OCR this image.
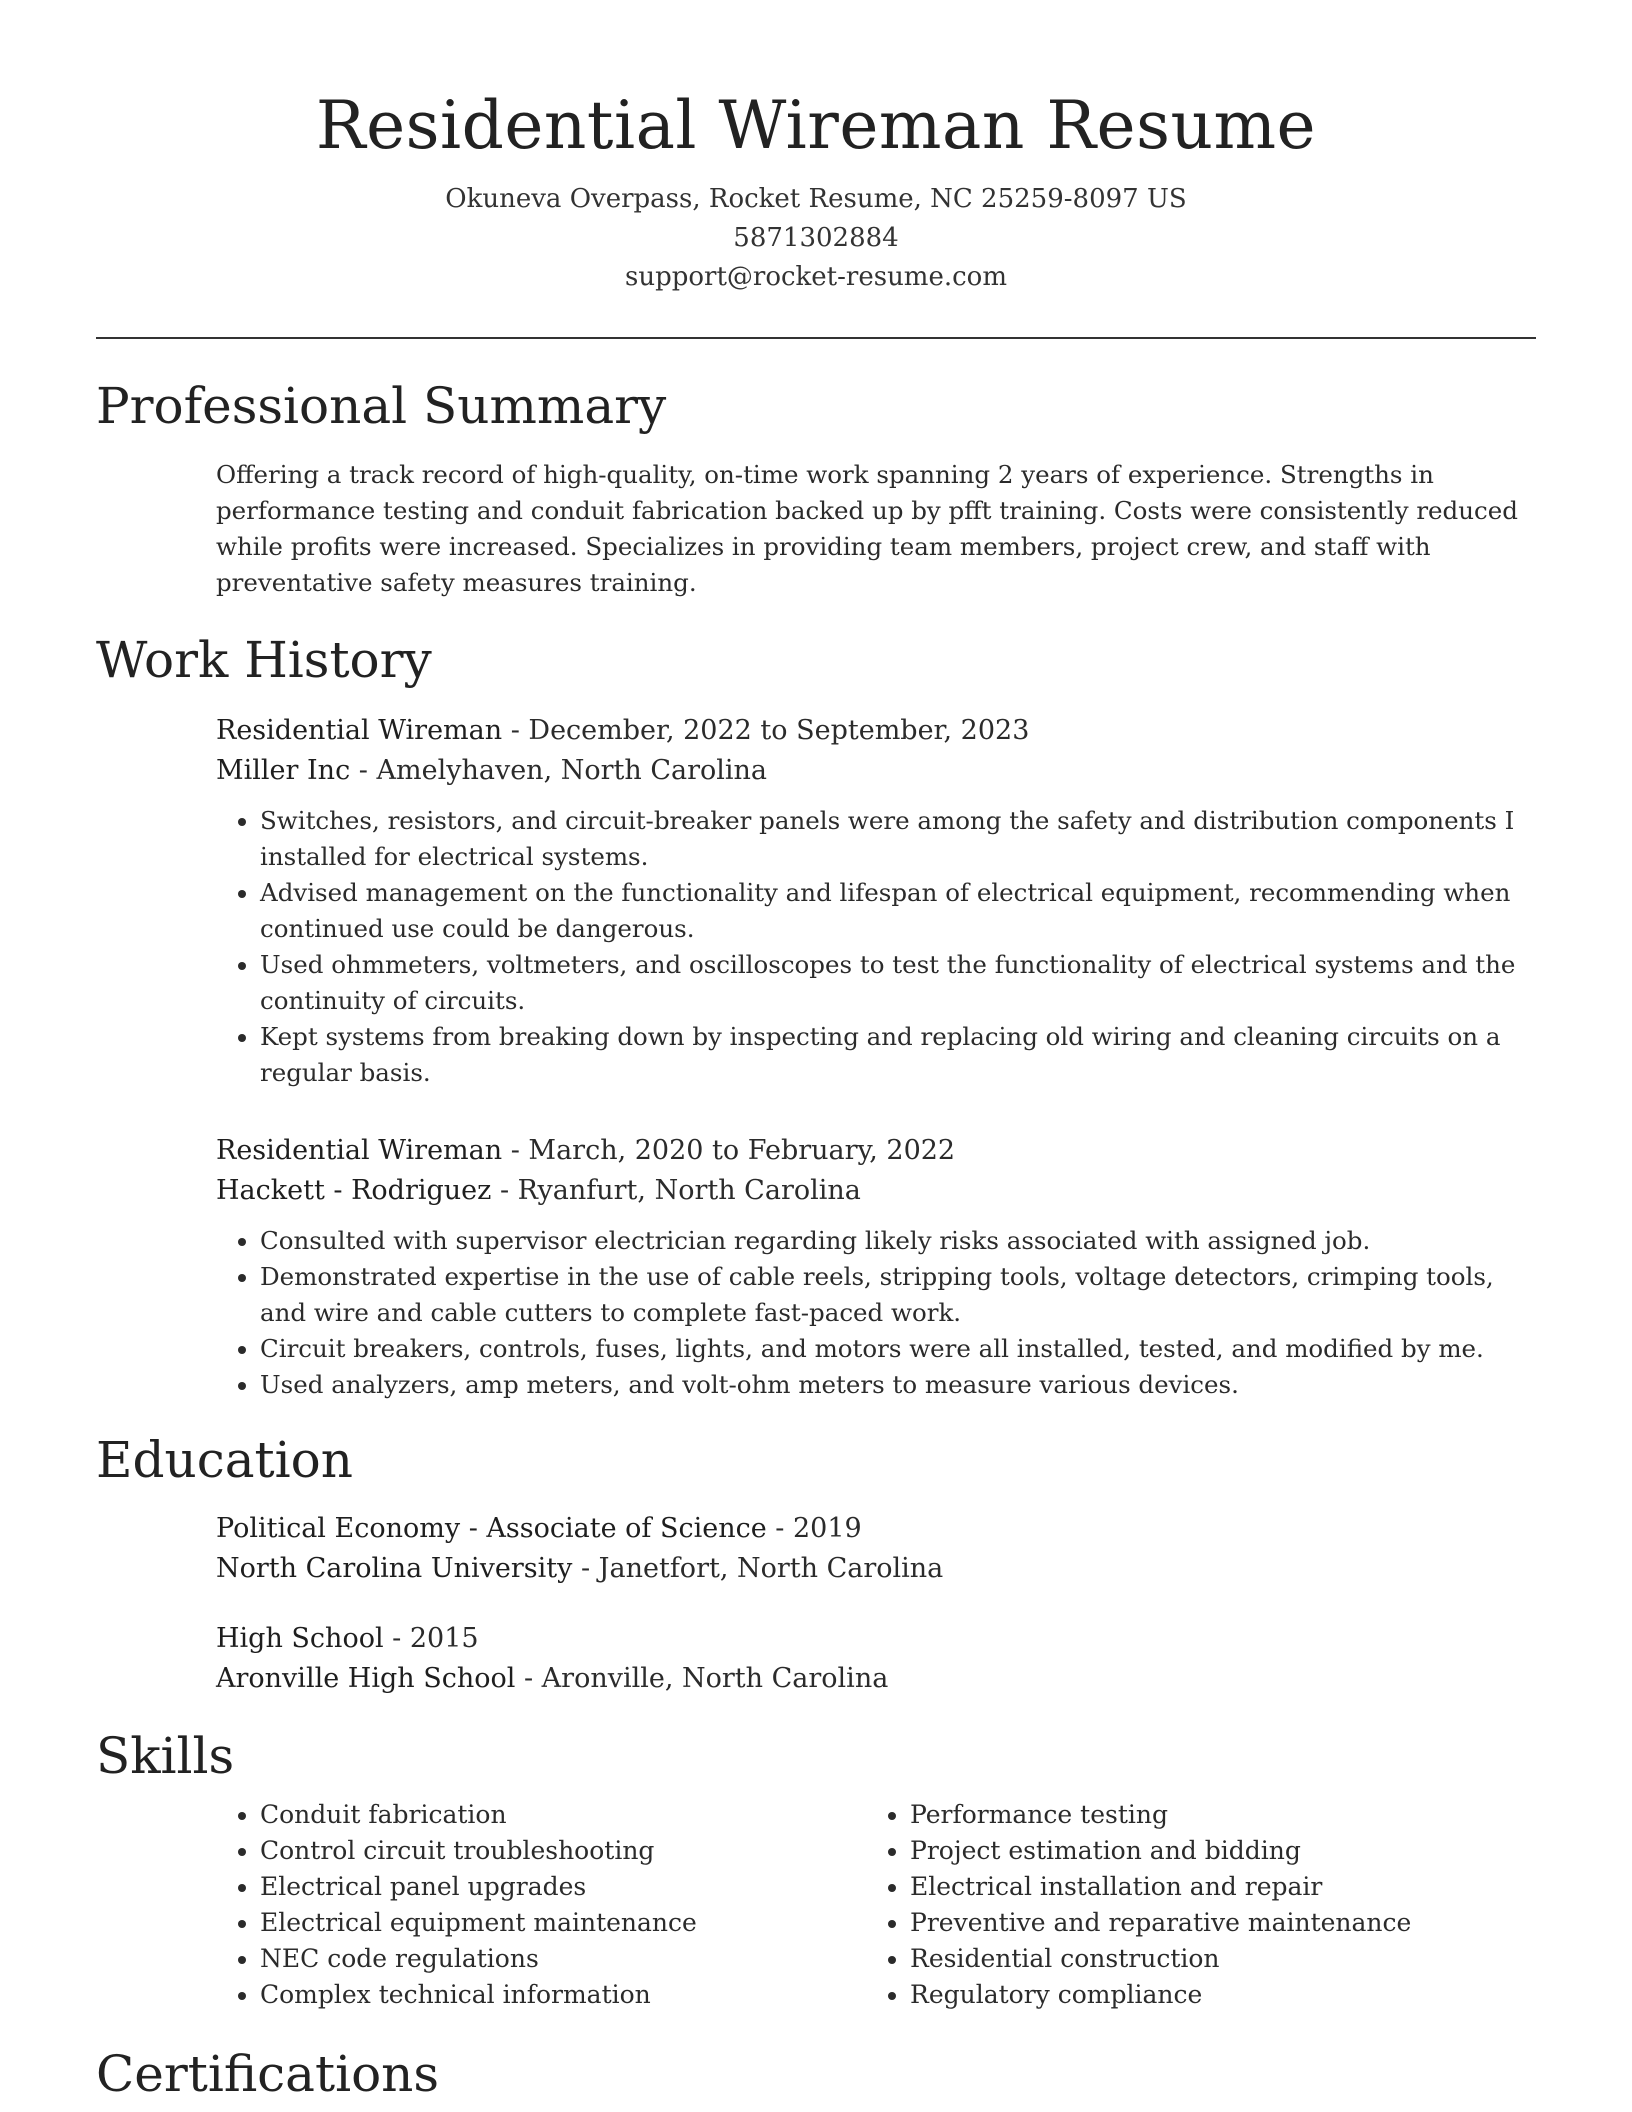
Residential Wireman Resume
Okuneva Overpass, Rocket Resume, NC 25259-8097 US
5871302884
support@rocket-resume.com
Professional Summary
Offering a track record of high-quality, on-time work spanning 2 years of experience. Strengths in performance testing and conduit fabrication backed up by pfft training. Costs were consistently reduced while profits were increased. Specializes in providing team members, project crew, and staff with preventative safety measures training.
Work History
Residential Wireman - December, 2022 to September, 2023
Miller Inc - Amelyhaven, North Carolina
• Switches, resistors, and circuit-breaker panels were among the safety and distribution components I installed for electrical systems.
• Advised management on the functionality and lifespan of electrical equipment, recommending when continued use could be dangerous.
• Used ohmmeters, voltmeters, and oscilloscopes to test the functionality of electrical systems and the continuity of circuits.
• Kept systems from breaking down by inspecting and replacing old wiring and cleaning circuits on a regular basis.
Residential Wireman - March, 2020 to February, 2022
Hackett - Rodriguez - Ryanfurt, North Carolina
• Consulted with supervisor electrician regarding likely risks associated with assigned job.
• Demonstrated expertise in the use of cable reels, stripping tools, voltage detectors, crimping tools, and wire and cable cutters to complete fast-paced work.
• Circuit breakers, controls, fuses, lights, and motors were all installed, tested, and modified by me.
• Used analyzers, amp meters, and volt-ohm meters to measure various devices.
Education
Political Economy - Associate of Science - 2019
North Carolina University - Janetfort, North Carolina
High School - 2015
Aronville High School - Aronville, North Carolina
Skills
• Conduit fabrication
• Control circuit troubleshooting
• Electrical panel upgrades
• Electrical equipment maintenance
• NEC code regulations
• Complex technical information
• Performance testing
• Project estimation and bidding
• Electrical installation and repair
• Preventive and reparative maintenance
• Residential construction
• Regulatory compliance
Certifications
